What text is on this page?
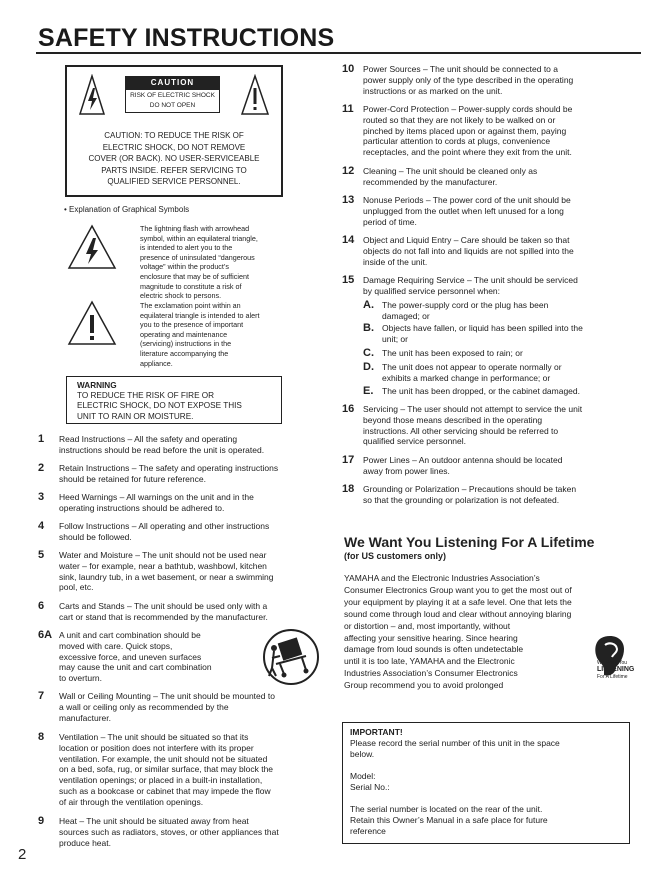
SAFETY INSTRUCTIONS
CAUTION
RISK OF ELECTRIC SHOCK
DO NOT OPEN
CAUTION: TO REDUCE THE RISK OF
ELECTRIC SHOCK, DO NOT REMOVE
COVER (OR BACK). NO USER-SERVICEABLE
PARTS INSIDE. REFER SERVICING TO
QUALIFIED SERVICE PERSONNEL.
• Explanation of Graphical Symbols
The lightning flash with arrowhead
symbol, within an equilateral triangle,
is intended to alert you to the
presence of uninsulated “dangerous
voltage” within the product’s
enclosure that may be of sufficient
magnitude to constitute a risk of
electric shock to persons.
The exclamation point within an
equilateral triangle is intended to alert
you to the presence of important
operating and maintenance
(servicing) instructions in the
literature accompanying the
appliance.
WARNING
TO REDUCE THE RISK OF FIRE OR
ELECTRIC SHOCK, DO NOT EXPOSE THIS
UNIT TO RAIN OR MOISTURE.
1 Read Instructions – All the safety and operating
instructions should be read before the unit is operated.
2 Retain Instructions – The safety and operating instructions
should be retained for future reference.
3 Heed Warnings – All warnings on the unit and in the
operating instructions should be adhered to.
4 Follow Instructions – All operating and other instructions
should be followed.
5 Water and Moisture – The unit should not be used near
water – for example, near a bathtub, washbowl, kitchen
sink, laundry tub, in a wet basement, or near a swimming
pool, etc.
6 Carts and Stands – The unit should be used only with a
cart or stand that is recommended by the manufacturer.
6A A unit and cart combination should be
moved with care. Quick stops,
excessive force, and uneven surfaces
may cause the unit and cart combination
to overturn.
7 Wall or Ceiling Mounting – The unit should be mounted to
a wall or ceiling only as recommended by the
manufacturer.
8 Ventilation – The unit should be situated so that its
location or position does not interfere with its proper
ventilation. For example, the unit should not be situated
on a bed, sofa, rug, or similar surface, that may block the
ventilation openings; or placed in a built-in installation,
such as a bookcase or cabinet that may impede the flow
of air through the ventilation openings.
9 Heat – The unit should be situated away from heat
sources such as radiators, stoves, or other appliances that
produce heat.
10 Power Sources – The unit should be connected to a
power supply only of the type described in the operating
instructions or as marked on the unit.
11 Power-Cord Protection – Power-supply cords should be
routed so that they are not likely to be walked on or
pinched by items placed upon or against them, paying
particular attention to cords at plugs, convenience
receptacles, and the point where they exit from the unit.
12 Cleaning – The unit should be cleaned only as
recommended by the manufacturer.
13 Nonuse Periods – The power cord of the unit should be
unplugged from the outlet when left unused for a long
period of time.
14 Object and Liquid Entry – Care should be taken so that
objects do not fall into and liquids are not spilled into the
inside of the unit.
15 Damage Requiring Service – The unit should be serviced
by qualified service personnel when:
A. The power-supply cord or the plug has been
damaged; or
B. Objects have fallen, or liquid has been spilled into the
unit; or
C. The unit has been exposed to rain; or
D. The unit does not appear to operate normally or
exhibits a marked change in performance; or
E. The unit has been dropped, or the cabinet damaged.
16 Servicing – The user should not attempt to service the unit
beyond those means described in the operating
instructions. All other servicing should be referred to
qualified service personnel.
17 Power Lines – An outdoor antenna should be located
away from power lines.
18 Grounding or Polarization – Precautions should be taken
so that the grounding or polarization is not defeated.
We Want You Listening For A Lifetime
(for US customers only)
YAMAHA and the Electronic Industries Association’s
Consumer Electronics Group want you to get the most out of
your equipment by playing it at a safe level. One that lets the
sound come through loud and clear without annoying blaring
or distortion – and, most importantly, without
affecting your sensitive hearing. Since hearing
damage from loud sounds is often undetectable
until it is too late, YAMAHA and the Electronic
Industries Association’s Consumer Electronics
Group recommend you to avoid prolonged
We Want You
LISTENING
For A Lifetime
IMPORTANT!
Please record the serial number of this unit in the space
below.
Model:
Serial No.:
The serial number is located on the rear of the unit.
Retain this Owner’s Manual in a safe place for future
reference
2
